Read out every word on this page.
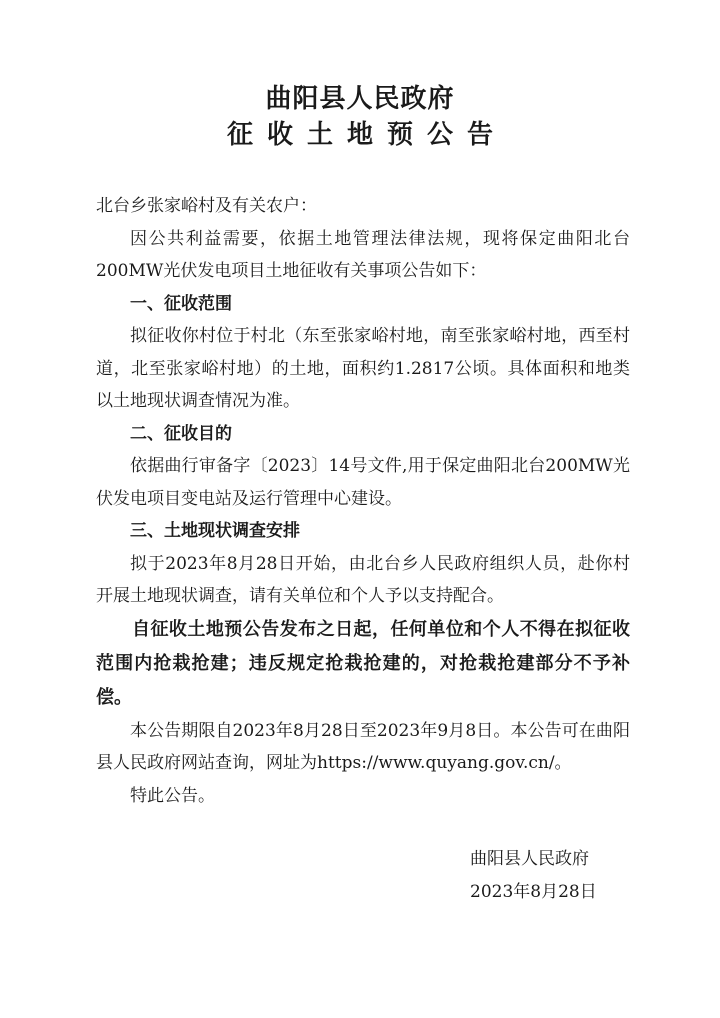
曲阳县人民政府
征收土地预公告

北台乡张家峪村及有关农户：

因公共利益需要，依据土地管理法律法规，现将保定曲阳北台200MW光伏发电项目土地征收有关事项公告如下：

一、征收范围

拟征收你村位于村北（东至张家峪村地，南至张家峪村地，西至村道，北至张家峪村地）的土地，面积约1.2817公顷。具体面积和地类以土地现状调查情况为准。

二、征收目的

依据曲行审备字〔2023〕14号文件,用于保定曲阳北台200MW光伏发电项目变电站及运行管理中心建设。

三、土地现状调查安排

拟于2023年8月28日开始，由北台乡人民政府组织人员，赴你村开展土地现状调查，请有关单位和个人予以支持配合。

自征收土地预公告发布之日起，任何单位和个人不得在拟征收范围内抢栽抢建；违反规定抢栽抢建的，对抢栽抢建部分不予补偿。

本公告期限自2023年8月28日至2023年9月8日。本公告可在曲阳县人民政府网站查询，网址为https://www.quyang.gov.cn/。

特此公告。

曲阳县人民政府
2023年8月28日
